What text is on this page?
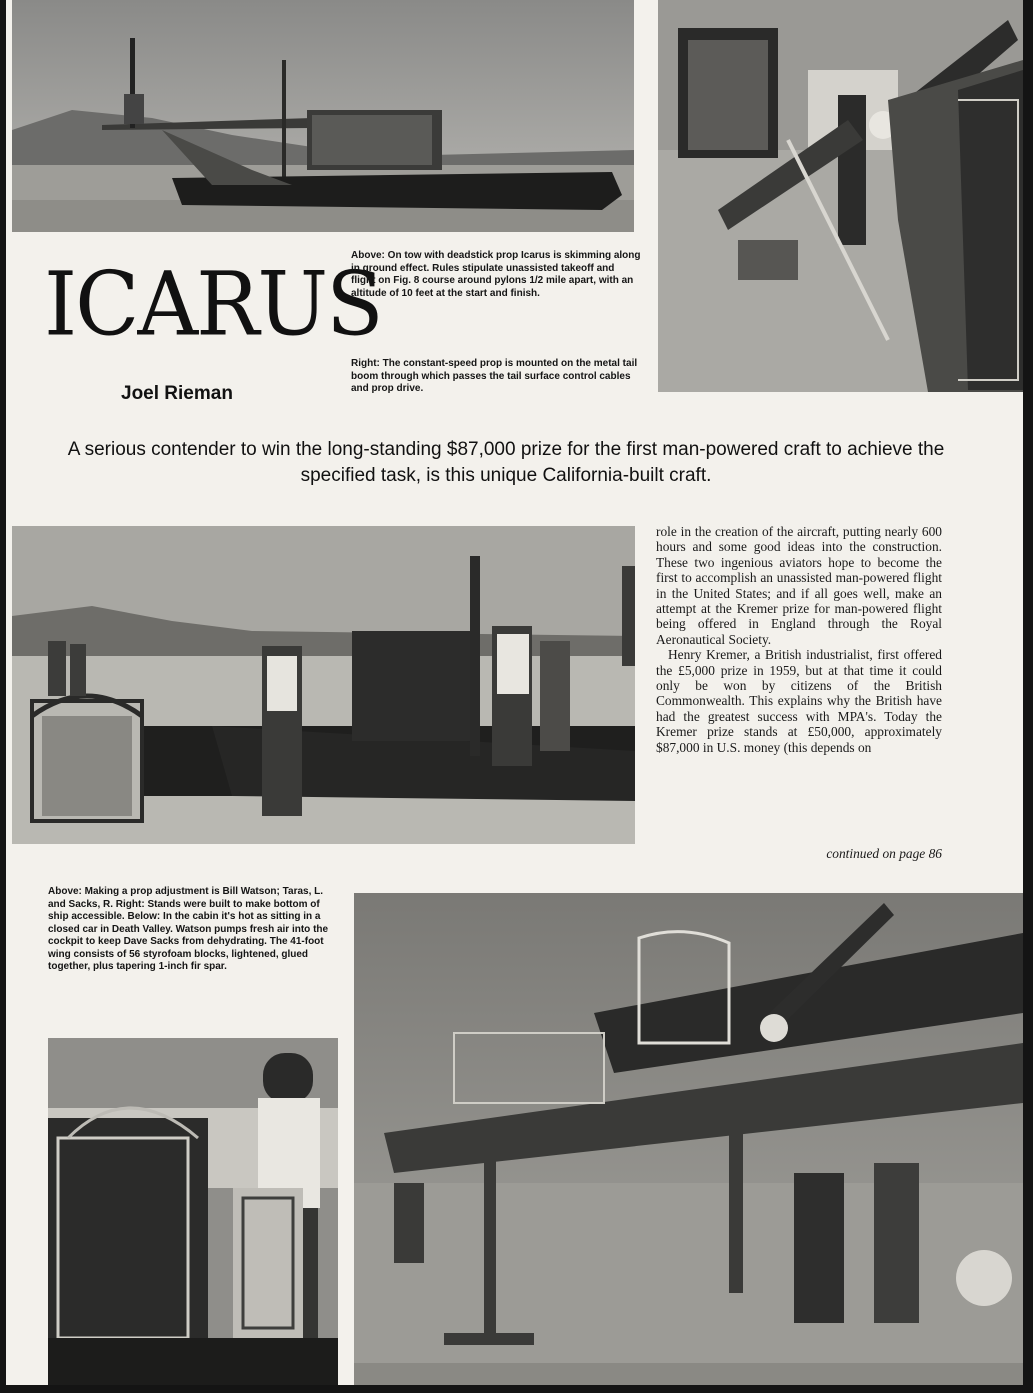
ICARUS
Joel Rieman

Above: On tow with deadstick prop Icarus is skimming along in ground effect. Rules stipulate unassisted takeoff and flight on Fig. 8 course around pylons 1/2 mile apart, with an altitude of 10 feet at the start and finish.

Right: The constant-speed prop is mounted on the metal tail boom through which passes the tail surface control cables and prop drive.

A serious contender to win the long-standing $87,000 prize for the first man-powered craft to achieve the specified task, is this unique California-built craft.

role in the creation of the aircraft, putting nearly 600 hours and some good ideas into the construction. These two ingenious aviators hope to become the first to accomplish an unassisted man-powered flight in the United States; and if all goes well, make an attempt at the Kremer prize for man-powered flight being offered in England through the Royal Aeronautical Society.

Henry Kremer, a British industrialist, first offered the £5,000 prize in 1959, but at that time it could only be won by citizens of the British Commonwealth. This explains why the British have had the greatest success with MPA's. Today the Kremer prize stands at £50,000, approximately $87,000 in U.S. money (this depends on

continued on page 86

Above: Making a prop adjustment is Bill Watson; Taras, L. and Sacks, R. Right: Stands were built to make bottom of ship accessible. Below: In the cabin it's hot as sitting in a closed car in Death Valley. Watson pumps fresh air into the cockpit to keep Dave Sacks from dehydrating. The 41-foot wing consists of 56 styrofoam blocks, lightened, glued together, plus tapering 1-inch fir spar.
